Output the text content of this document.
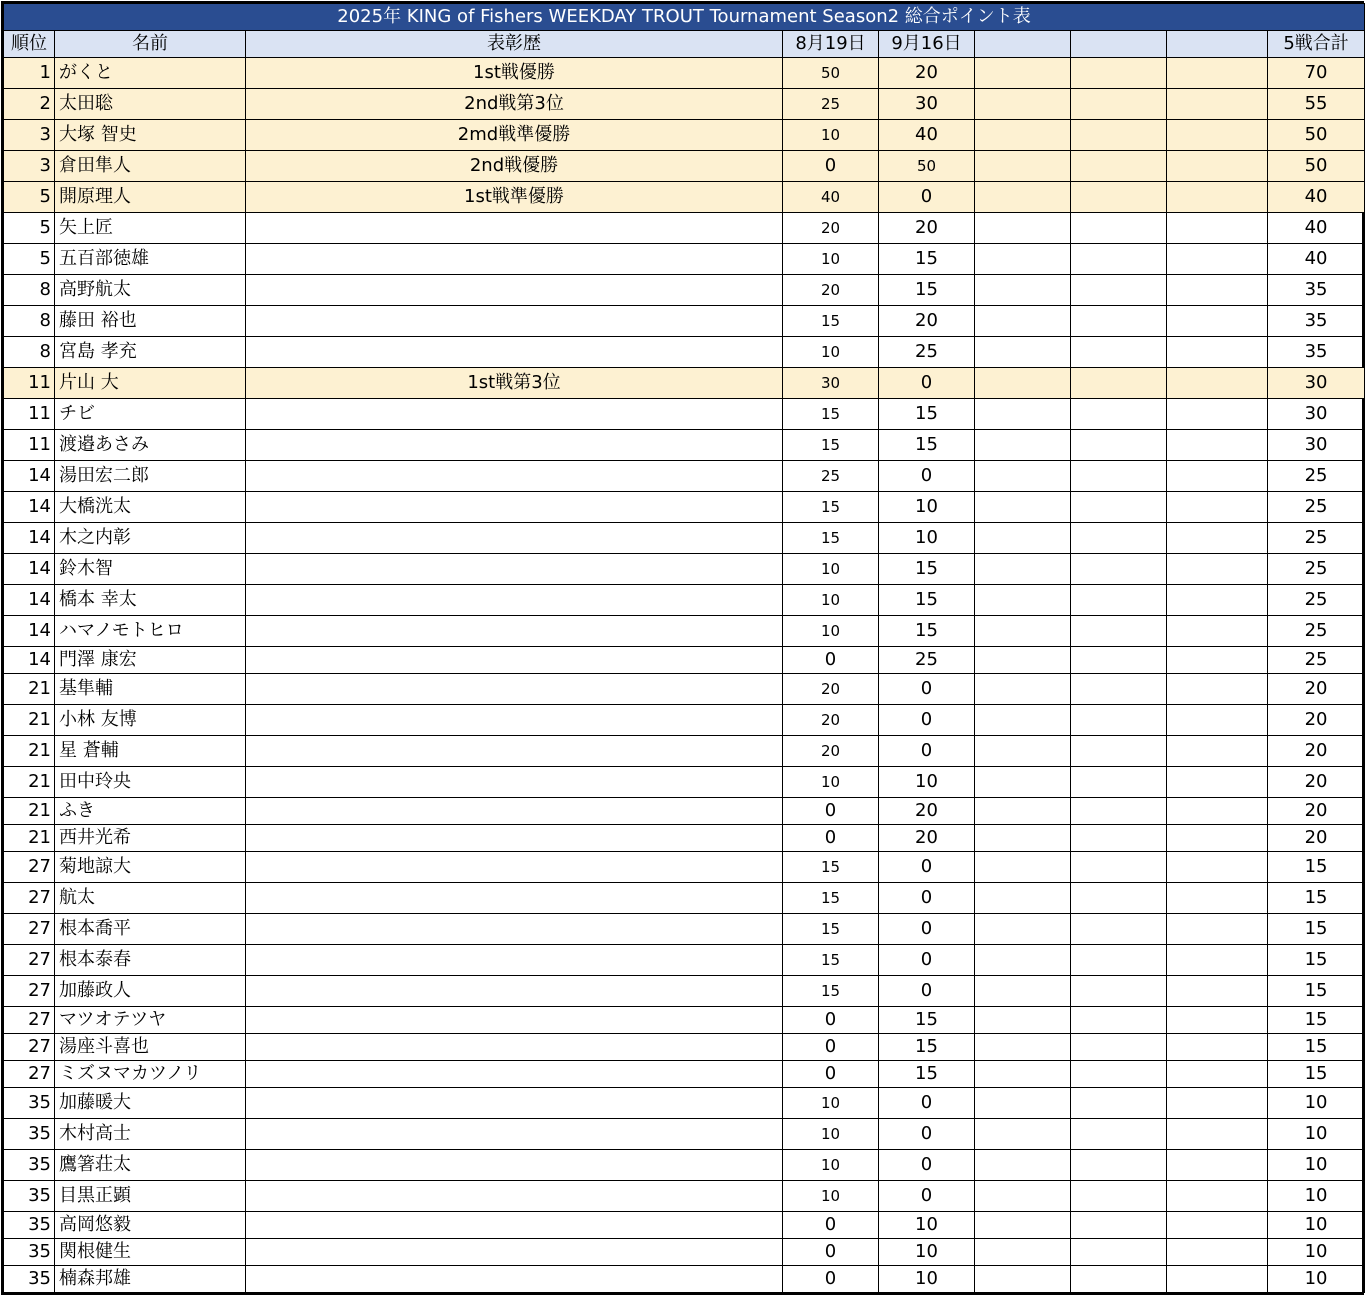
2025年 KING of Fishers WEEKDAY TROUT Tournament Season2 総合ポイント表								
順位	名前	表彰歴	8月19日	9月16日				5戦合計
1	がくと	1st戦優勝	50	20				70
2	太田聡	2nd戦第3位	25	30				55
3	大塚 智史	2md戦準優勝	10	40				50
3	倉田隼人	2nd戦優勝	0	50				50
5	開原理人	1st戦準優勝	40	0				40
5	矢上匠		20	20				40
5	五百部徳雄		10	15				40
8	高野航太		20	15				35
8	藤田 裕也		15	20				35
8	宮島 孝充		10	25				35
11	片山 大	1st戦第3位	30	0				30
11	チビ		15	15				30
11	渡邉あさみ		15	15				30
14	湯田宏二郎		25	0				25
14	大橋洸太		15	10				25
14	木之内彰		15	10				25
14	鈴木智		10	15				25
14	橋本 幸太		10	15				25
14	ハマノモトヒロ		10	15				25
14	門澤 康宏		0	25				25
21	基隼輔		20	0				20
21	小林 友博		20	0				20
21	星 蒼輔		20	0				20
21	田中玲央		10	10				20
21	ふき		0	20				20
21	西井光希		0	20				20
27	菊地諒大		15	0				15
27	航太		15	0				15
27	根本喬平		15	0				15
27	根本泰春		15	0				15
27	加藤政人		15	0				15
27	マツオテツヤ		0	15				15
27	湯座斗喜也		0	15				15
27	ミズヌマカツノリ		0	15				15
35	加藤暖大		10	0				10
35	木村高士		10	0				10
35	鷹箸荘太		10	0				10
35	目黒正顕		10	0				10
35	高岡悠毅		0	10				10
35	関根健生		0	10				10
35	楠森邦雄		0	10				10
